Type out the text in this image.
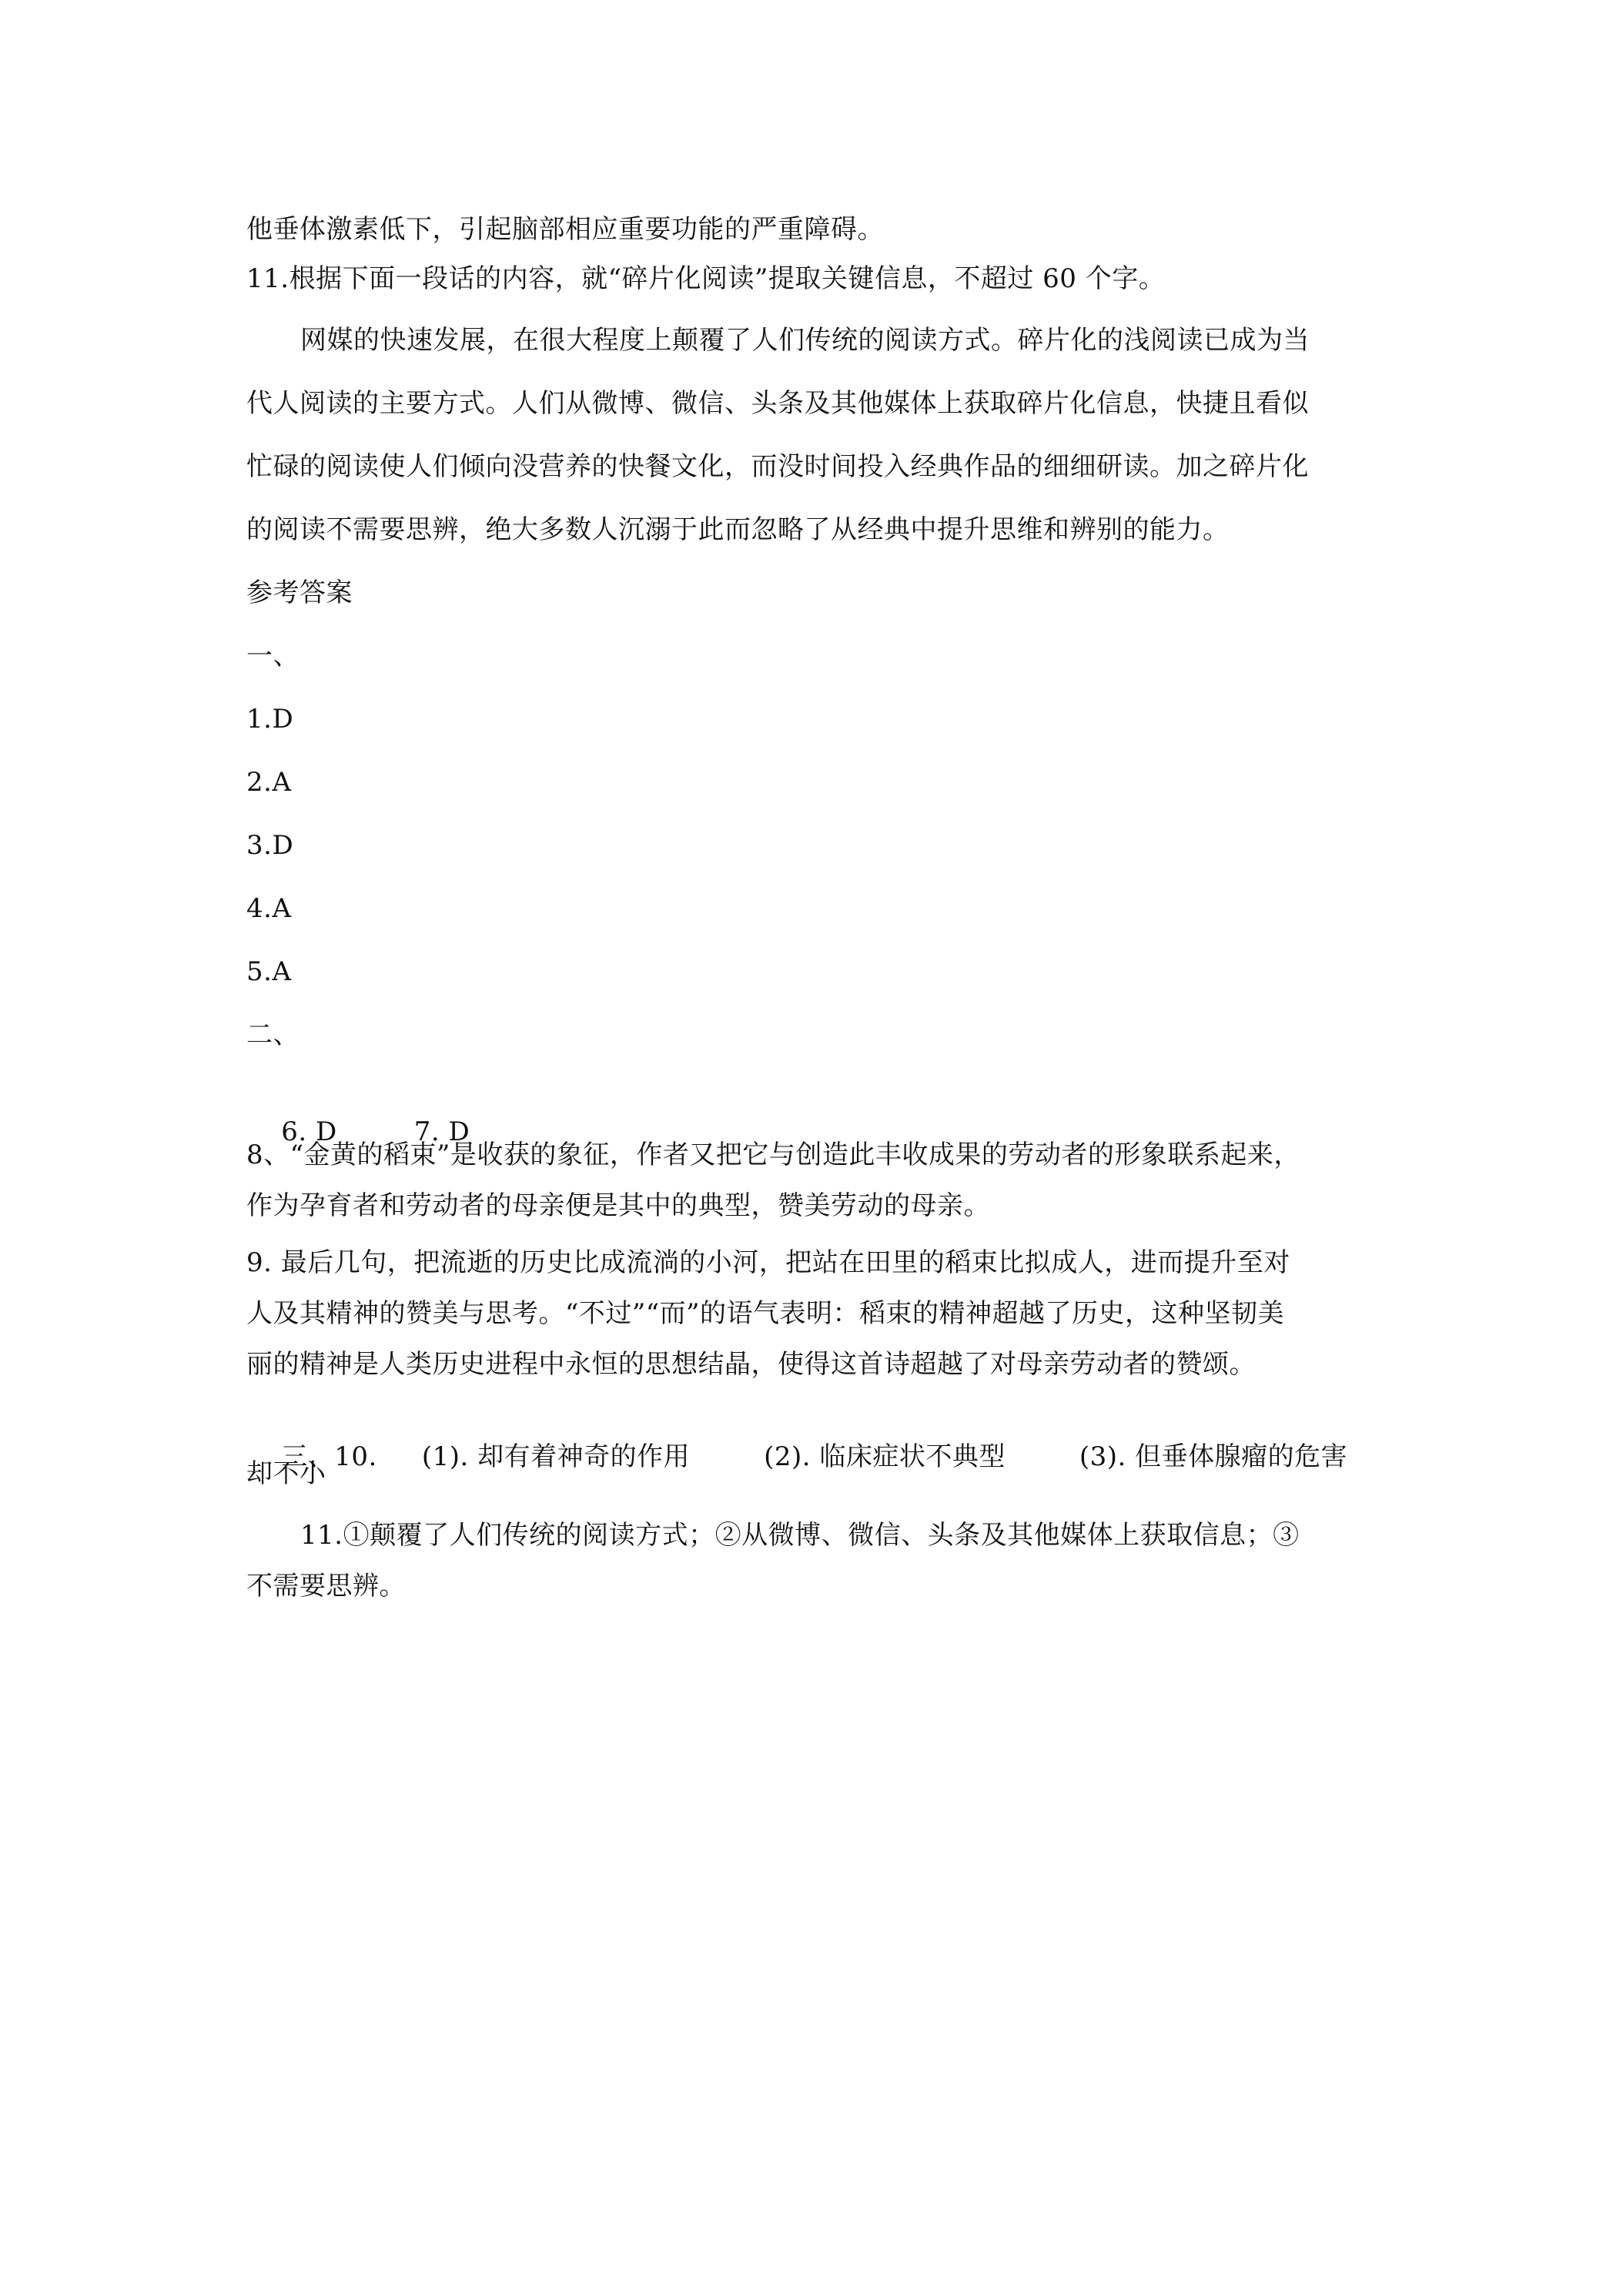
他垂体激素低下，引起脑部相应重要功能的严重障碍。
11.根据下面一段话的内容，就“碎片化阅读”提取关键信息，不超过 60 个字。
网媒的快速发展，在很大程度上颠覆了人们传统的阅读方式。碎片化的浅阅读已成为当
代人阅读的主要方式。人们从微博、微信、头条及其他媒体上获取碎片化信息，快捷且看似
忙碌的阅读使人们倾向没营养的快餐文化，而没时间投入经典作品的细细研读。加之碎片化
的阅读不需要思辨，绝大多数人沉溺于此而忽略了从经典中提升思维和辨别的能力。
参考答案
一、
1.D
2.A
3.D
4.A
5.A
二、

6. D	7. D

8、“金黄的稻束”是收获的象征，作者又把它与创造此丰收成果的劳动者的形象联系起来，
作为孕育者和劳动者的母亲便是其中的典型，赞美劳动的母亲。
9. 最后几句，把流逝的历史比成流淌的小河，把站在田里的稻束比拟成人，进而提升至对
人及其精神的赞美与思考。“不过”“而”的语气表明：稻束的精神超越了历史，这种坚韧美
丽的精神是人类历史进程中永恒的思想结晶，使得这首诗超越了对母亲劳动者的赞颂。

三、10. (1). 却有着神奇的作用	(2). 临床症状不典型	(3). 但垂体腺瘤的危害

却不小
11.①颠覆了人们传统的阅读方式；②从微博、微信、头条及其他媒体上获取信息；③
不需要思辨。
